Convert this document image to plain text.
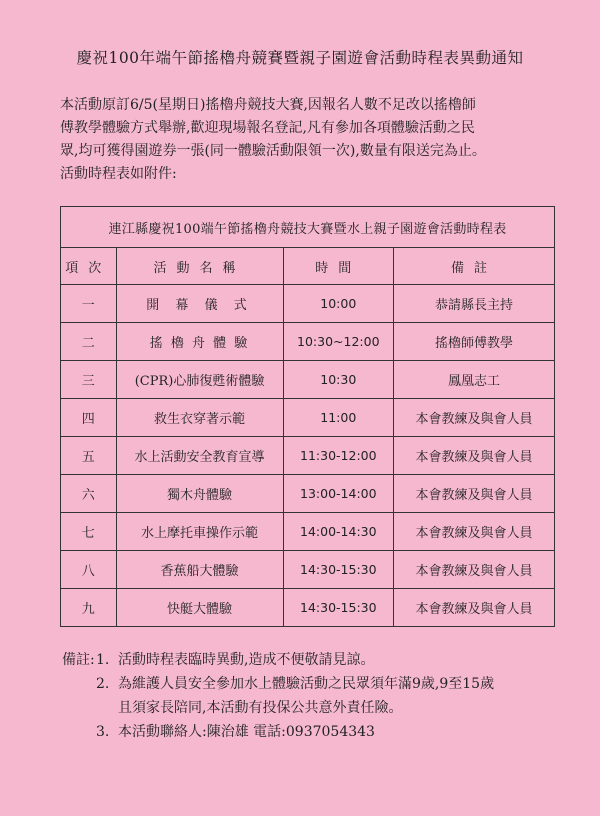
慶祝100年端午節搖櫓舟競賽暨親子園遊會活動時程表異動通知

本活動原訂6/5(星期日)搖櫓舟競技大賽,因報名人數不足改以搖櫓師

傅教學體驗方式舉辦,歡迎現場報名登記,凡有參加各項體驗活動之民

眾,均可獲得園遊券一張(同一體驗活動限領一次),數量有限送完為止。

活動時程表如附件:

連江縣慶祝100端午節搖櫓舟競技大賽暨水上親子園遊會活動時程表			
項次	活動名稱	時間	備註
一	開 幕 儀 式	10:00	恭請縣長主持
二	搖 櫓 舟 體 驗	10:30~12:00	搖櫓師傅教學
三	(CPR)心肺復甦術體驗	10:30	鳳凰志工
四	救生衣穿著示範	11:00	本會教練及與會人員
五	水上活動安全教育宣導	11:30-12:00	本會教練及與會人員
六	獨木舟體驗	13:00-14:00	本會教練及與會人員
七	水上摩托車操作示範	14:00-14:30	本會教練及與會人員
八	香蕉船大體驗	14:30-15:30	本會教練及與會人員
九	快艇大體驗	14:30-15:30	本會教練及與會人員
備註: 1. 活動時程表臨時異動,造成不便敬請見諒。
2. 為維護人員安全參加水上體驗活動之民眾須年滿9歲,9至15歲
且須家長陪同,本活動有投保公共意外責任險。
3. 本活動聯絡人:陳治雄 電話:0937054343
